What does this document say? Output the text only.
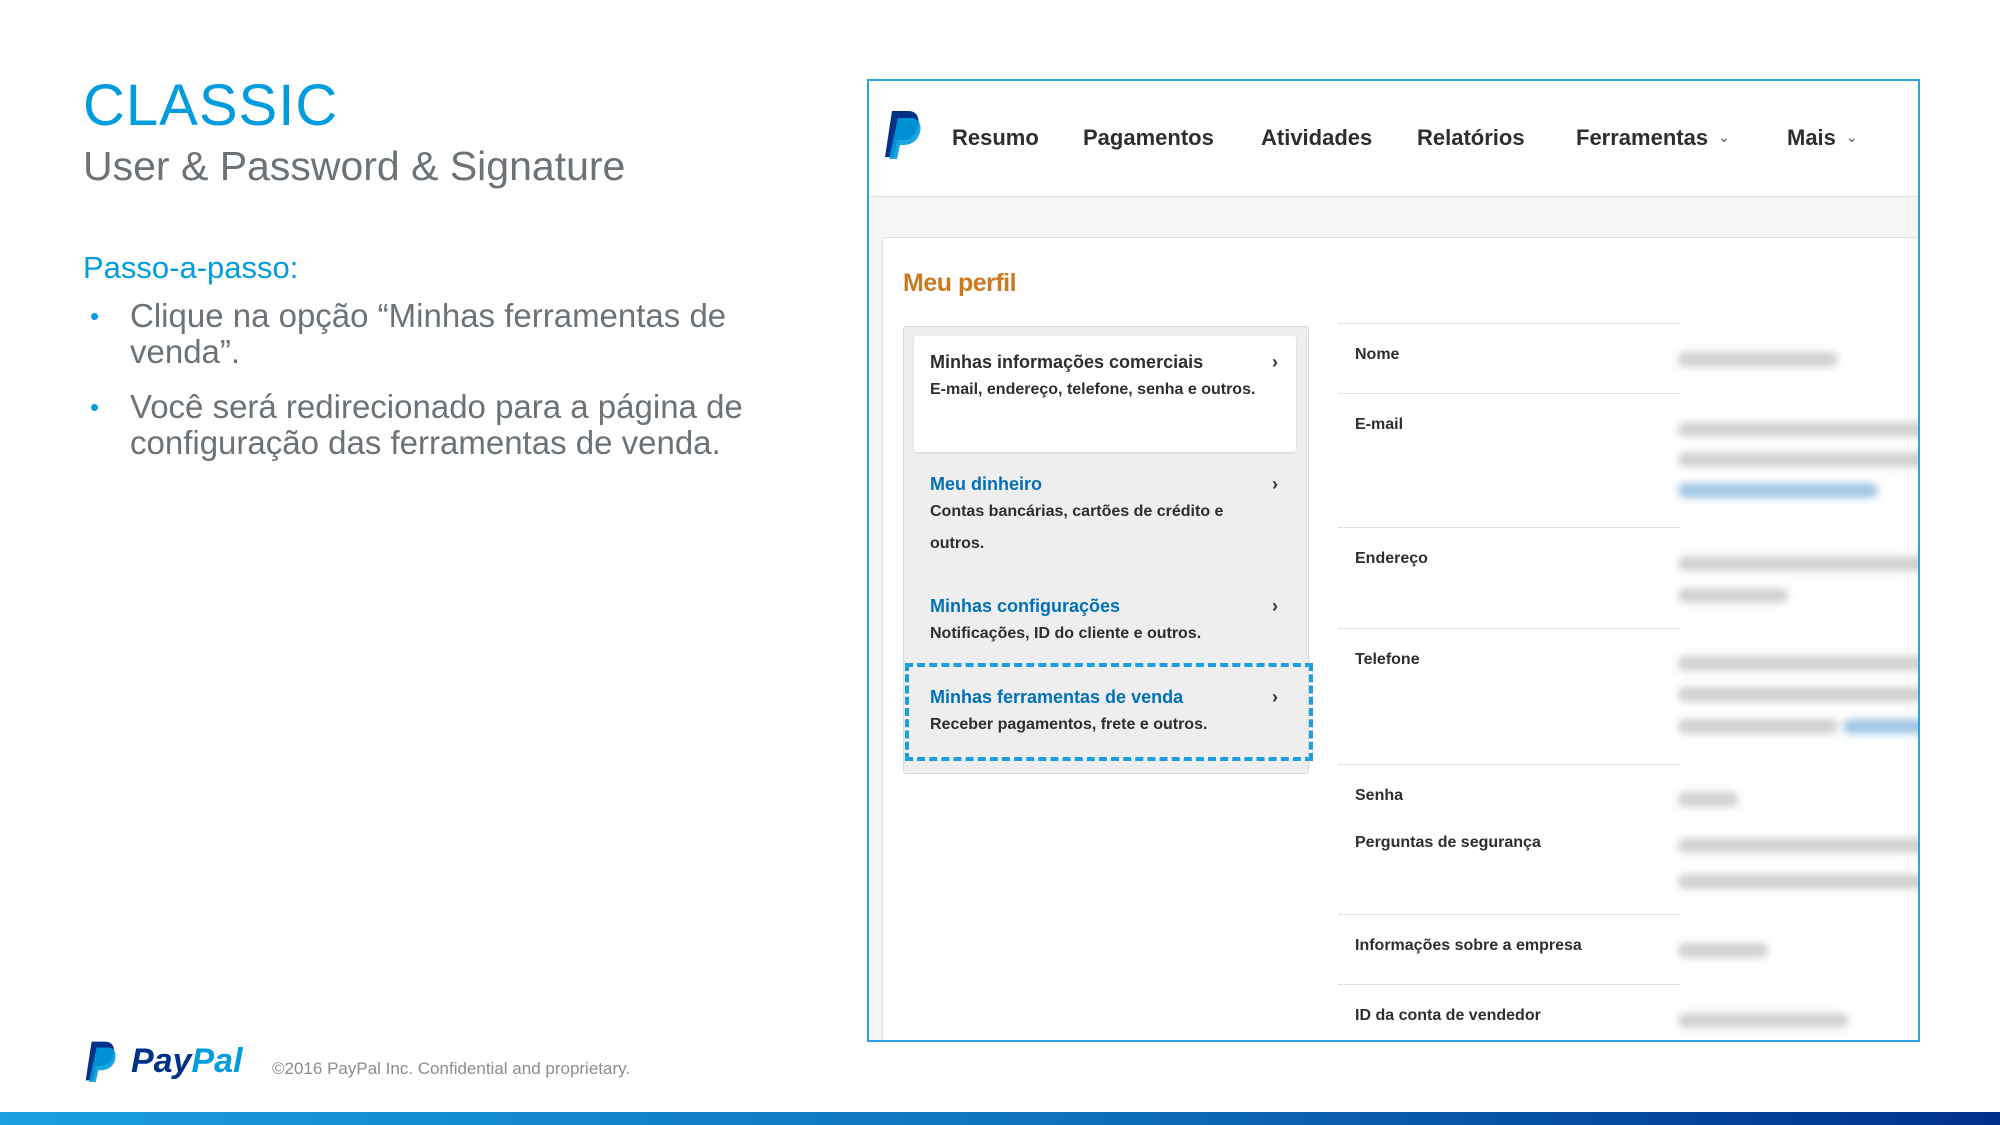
CLASSIC
User & Password & Signature
Passo-a-passo:
• Clique na opção “Minhas ferramentas de venda”.
• Você será redirecionado para a página de configuração das ferramentas de venda.
Resumo Pagamentos Atividades Relatórios Ferramentas ⌄	Mais ⌄
Meu perfil
Minhas informações comerciais	›
E-mail, endereço, telefone, senha e outros.
Meu dinheiro	›
Contas bancárias, cartões de crédito e outros.
Minhas configurações	›
Notificações, ID do cliente e outros.
Minhas ferramentas de venda	›
Receber pagamentos, frete e outros.
Nome
E-mail
Endereço
Telefone
Senha
Perguntas de segurança
Informações sobre a empresa
ID da conta de vendedor
PayPal ©2016 PayPal Inc. Confidential and proprietary.
